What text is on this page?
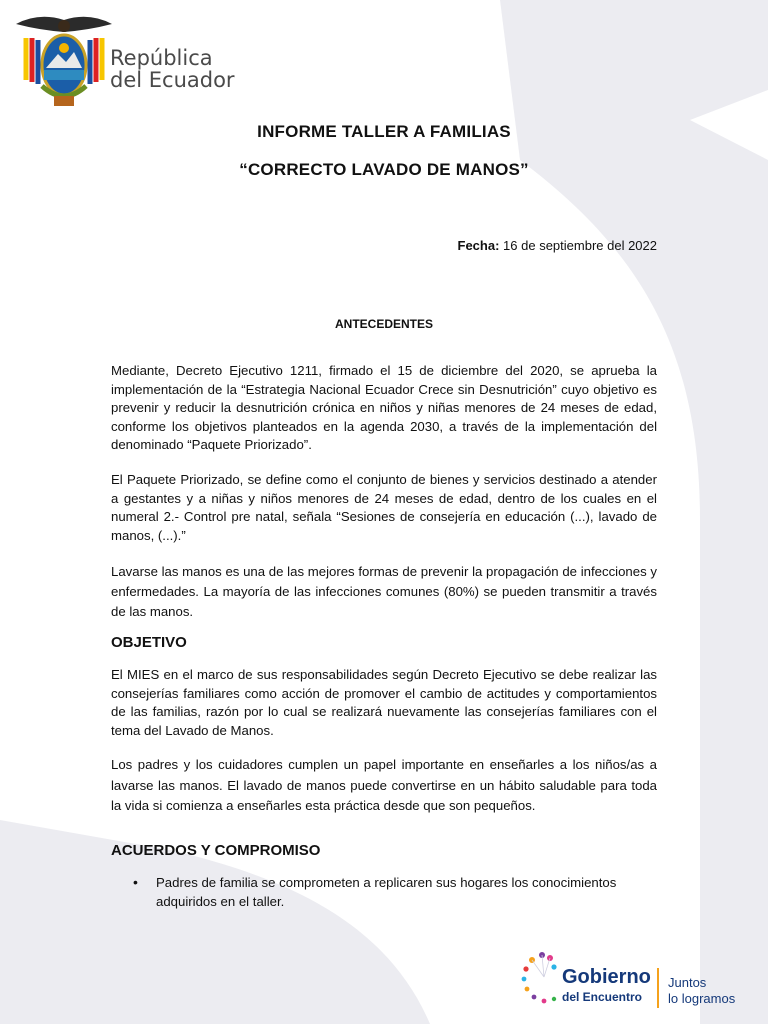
República
del Ecuador
INFORME TALLER A FAMILIAS
“CORRECTO LAVADO DE MANOS”
Fecha: 16 de septiembre del 2022
ANTECEDENTES
Mediante, Decreto Ejecutivo 1211, firmado el 15 de diciembre del 2020, se aprueba la implementación de la “Estrategia Nacional Ecuador Crece sin Desnutrición” cuyo objetivo es prevenir y reducir la desnutrición crónica en niños y niñas menores de 24 meses de edad, conforme los objetivos planteados en la agenda 2030, a través de la implementación del denominado “Paquete Priorizado”.
El Paquete Priorizado, se define como el conjunto de bienes y servicios destinado a atender a gestantes y a niñas y niños menores de 24 meses de edad, dentro de los cuales en el numeral 2.- Control pre natal, señala “Sesiones de consejería en educación (...), lavado de manos, (...).”
Lavarse las manos es una de las mejores formas de prevenir la propagación de infecciones y enfermedades. La mayoría de las infecciones comunes (80%) se pueden transmitir a través de las manos.
OBJETIVO
El MIES en el marco de sus responsabilidades según Decreto Ejecutivo se debe realizar las consejerías familiares como acción de promover el cambio de actitudes y comportamientos de las familias, razón por lo cual se realizará nuevamente las consejerías familiares con el tema del Lavado de Manos.
Los padres y los cuidadores cumplen un papel importante en enseñarles a los niños/as a lavarse las manos. El lavado de manos puede convertirse en un hábito saludable para toda la vida si comienza a enseñarles esta práctica desde que son pequeños.
ACUERDOS Y COMPROMISO
• Padres de familia se comprometen a replicaren sus hogares los conocimientos adquiridos en el taller.
Gobierno
del Encuentro
Juntos
lo logramos
